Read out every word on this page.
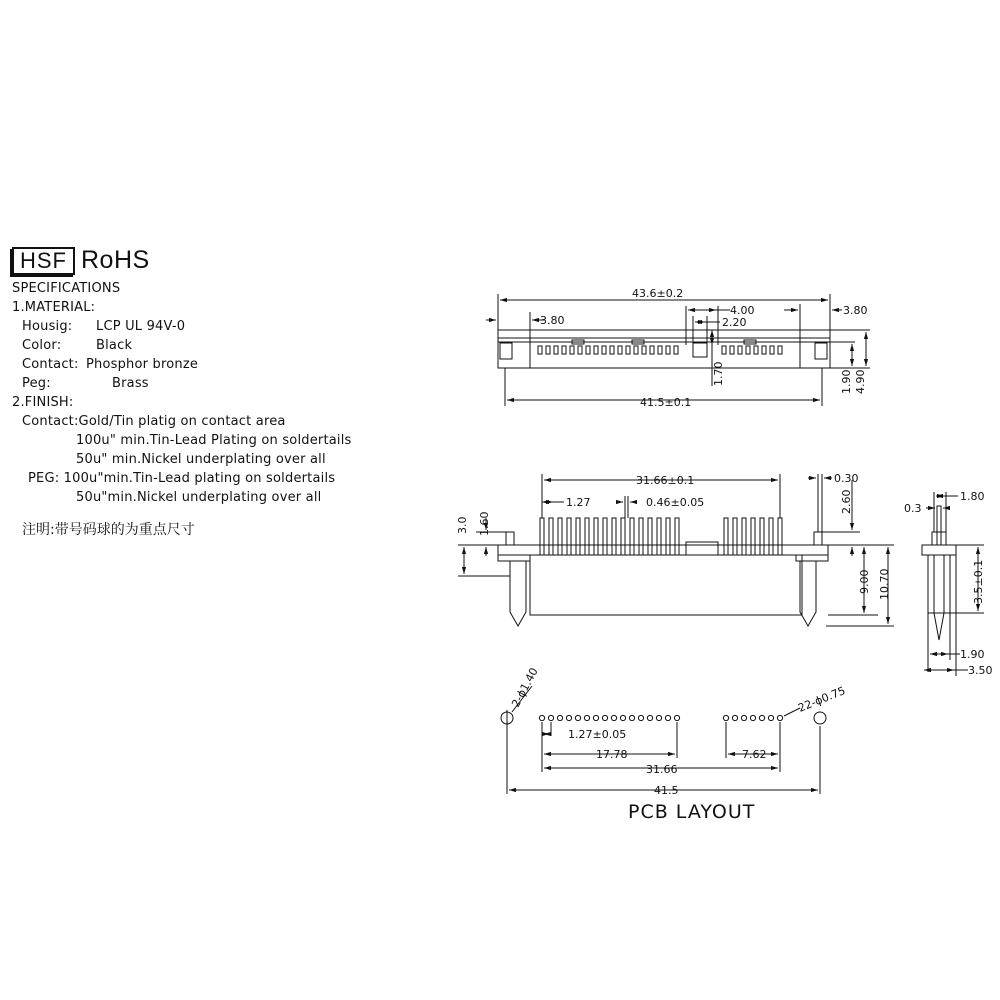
HSF RoHS

SPECIFICATIONS

1.MATERIAL:

Housig:

LCP UL 94V-0

Color:

	Black

Contact:

Phosphor bronze

Peg:

	Brass

2.FINISH:

Contact:Gold/Tin platig on contact area

100u" min.Tin-Lead Plating on soldertails

50u" min.Nickel underplating over all

PEG: 100u"min.Tin-Lead plating on soldertails

50u"min.Nickel underplating over all

注明:带号码球的为重点尺寸
43.6±0.2
3.80
4.00
2.20
3.80
1.70	1.90 4.90
41.5±0.1
31.66±0.1
1.27	0.46±0.05
0.30
2.60
3.0 1.60
9.00 10.70
1.80
0.3
3.5±0.1
1.90
3.50
2-ϕ1.40	22-ϕ0.75
1.27±0.05
17.78	7.62
31.66
41.5
PCB LAYOUT
